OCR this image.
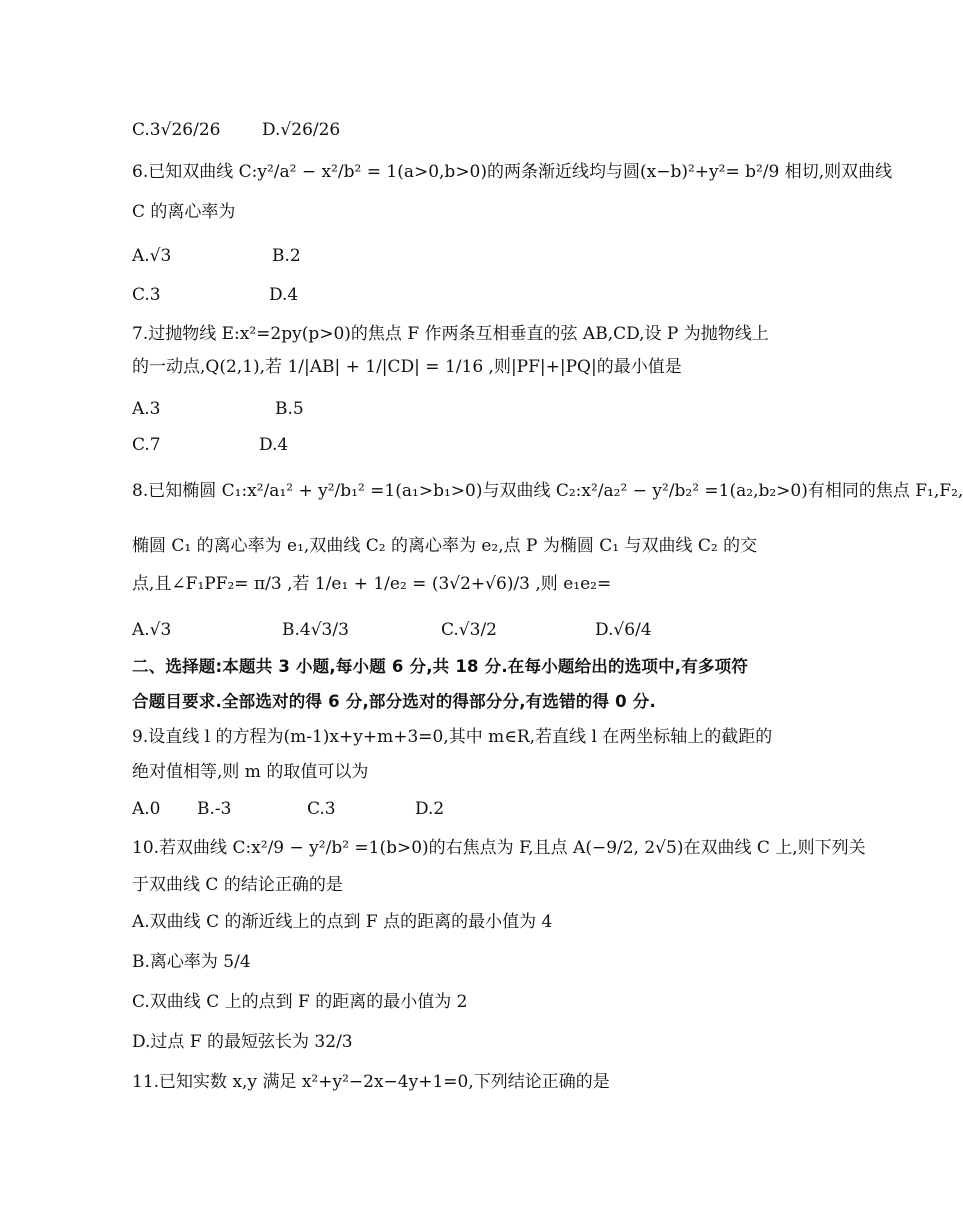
C.3√26/26 D.√26/26
6.已知双曲线 C:y²/a² − x²/b² = 1(a>0,b>0)的两条渐近线均与圆(x−b)²+y²= b²/9 相切,则双曲线
C 的离心率为
A.√3	B.2
C.3	D.4
7.过抛物线 E:x²=2py(p>0)的焦点 F 作两条互相垂直的弦 AB,CD,设 P 为抛物线上
的一动点,Q(2,1),若 1/|AB| + 1/|CD| = 1/16 ,则|PF|+|PQ|的最小值是
A.3	B.5
C.7	D.4
8.已知椭圆 C₁:x²/a₁² + y²/b₁² =1(a₁>b₁>0)与双曲线 C₂:x²/a₂² − y²/b₂² =1(a₂,b₂>0)有相同的焦点 F₁,F₂,
椭圆 C₁ 的离心率为 e₁,双曲线 C₂ 的离心率为 e₂,点 P 为椭圆 C₁ 与双曲线 C₂ 的交
点,且∠F₁PF₂= π/3 ,若 1/e₁ + 1/e₂ = (3√2+√6)/3 ,则 e₁e₂=
A.√3	B.4√3/3	C.√3/2	D.√6/4
二、选择题:本题共 3 小题,每小题 6 分,共 18 分.在每小题给出的选项中,有多项符
合题目要求.全部选对的得 6 分,部分选对的得部分分,有选错的得 0 分.
9.设直线 l 的方程为(m-1)x+y+m+3=0,其中 m∈R,若直线 l 在两坐标轴上的截距的
绝对值相等,则 m 的取值可以为
A.0 B.-3	C.3	D.2
10.若双曲线 C:x²/9 − y²/b² =1(b>0)的右焦点为 F,且点 A(−9/2, 2√5)在双曲线 C 上,则下列关
于双曲线 C 的结论正确的是
A.双曲线 C 的渐近线上的点到 F 点的距离的最小值为 4
B.离心率为 5/4
C.双曲线 C 上的点到 F 的距离的最小值为 2
D.过点 F 的最短弦长为 32/3
11.已知实数 x,y 满足 x²+y²−2x−4y+1=0,下列结论正确的是
